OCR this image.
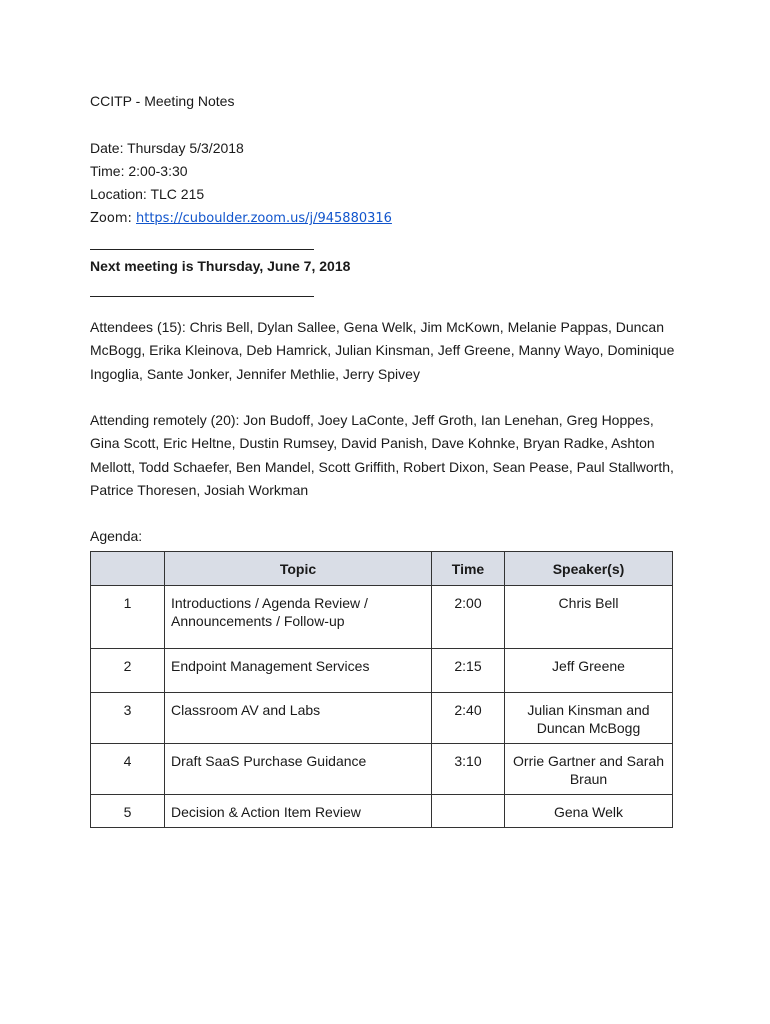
CCITP - Meeting Notes
Date: Thursday 5/3/2018
Time: 2:00-3:30
Location: TLC 215
Zoom: https://cuboulder.zoom.us/j/945880316
Next meeting is Thursday, June 7, 2018
Attendees (15): Chris Bell, Dylan Sallee, Gena Welk, Jim McKown, Melanie Pappas, Duncan McBogg, Erika Kleinova, Deb Hamrick, Julian Kinsman, Jeff Greene, Manny Wayo, Dominique Ingoglia, Sante Jonker, Jennifer Methlie, Jerry Spivey
Attending remotely (20): Jon Budoff, Joey LaConte, Jeff Groth, Ian Lenehan, Greg Hoppes, Gina Scott, Eric Heltne, Dustin Rumsey, David Panish, Dave Kohnke, Bryan Radke, Ashton Mellott, Todd Schaefer, Ben Mandel, Scott Griffith, Robert Dixon, Sean Pease, Paul Stallworth, Patrice Thoresen, Josiah Workman
Agenda:
	Topic	Time	Speaker(s)
1	Introductions / Agenda Review / Announcements / Follow-up	2:00	Chris Bell
2	Endpoint Management Services	2:15	Jeff Greene
3	Classroom AV and Labs	2:40	Julian Kinsman and Duncan McBogg
4	Draft SaaS Purchase Guidance	3:10	Orrie Gartner and Sarah Braun
5	Decision & Action Item Review		Gena Welk
